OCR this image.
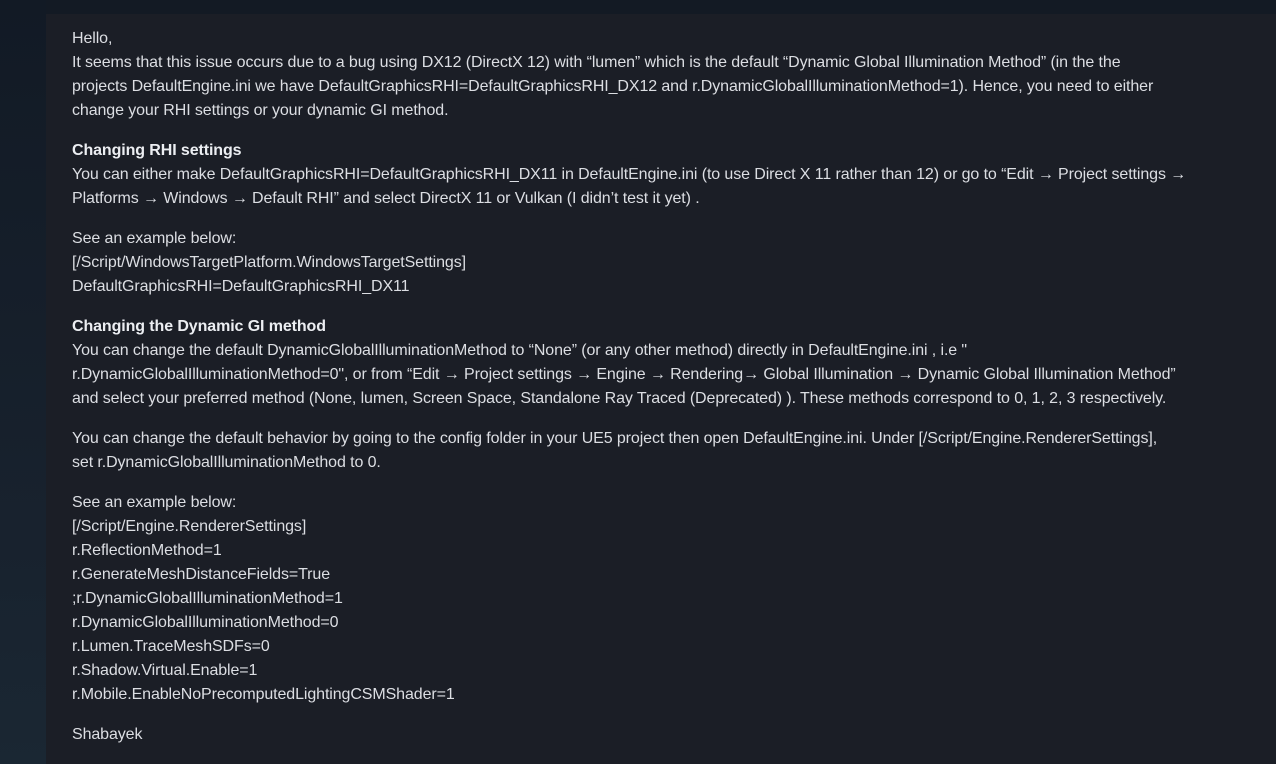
Hello,
It seems that this issue occurs due to a bug using DX12 (DirectX 12) with “lumen” which is the default “Dynamic Global Illumination Method” (in the the
projects DefaultEngine.ini we have DefaultGraphicsRHI=DefaultGraphicsRHI_DX12 and r.DynamicGlobalIlluminationMethod=1). Hence, you need to either
change your RHI settings or your dynamic GI method.

Changing RHI settings
You can either make DefaultGraphicsRHI=DefaultGraphicsRHI_DX11 in DefaultEngine.ini (to use Direct X 11 rather than 12) or go to “Edit → Project settings →
Platforms → Windows → Default RHI” and select DirectX 11 or Vulkan (I didn’t test it yet) .

See an example below:
[/Script/WindowsTargetPlatform.WindowsTargetSettings]
DefaultGraphicsRHI=DefaultGraphicsRHI_DX11

Changing the Dynamic GI method
You can change the default DynamicGlobalIlluminationMethod to “None” (or any other method) directly in DefaultEngine.ini , i.e "
r.DynamicGlobalIlluminationMethod=0", or from “Edit → Project settings → Engine → Rendering→ Global Illumination → Dynamic Global Illumination Method”
and select your preferred method (None, lumen, Screen Space, Standalone Ray Traced (Deprecated) ). These methods correspond to 0, 1, 2, 3 respectively.

You can change the default behavior by going to the config folder in your UE5 project then open DefaultEngine.ini. Under [/Script/Engine.RendererSettings],
set r.DynamicGlobalIlluminationMethod to 0.

See an example below:
[/Script/Engine.RendererSettings]
r.ReflectionMethod=1
r.GenerateMeshDistanceFields=True
;r.DynamicGlobalIlluminationMethod=1
r.DynamicGlobalIlluminationMethod=0
r.Lumen.TraceMeshSDFs=0
r.Shadow.Virtual.Enable=1
r.Mobile.EnableNoPrecomputedLightingCSMShader=1

Shabayek
